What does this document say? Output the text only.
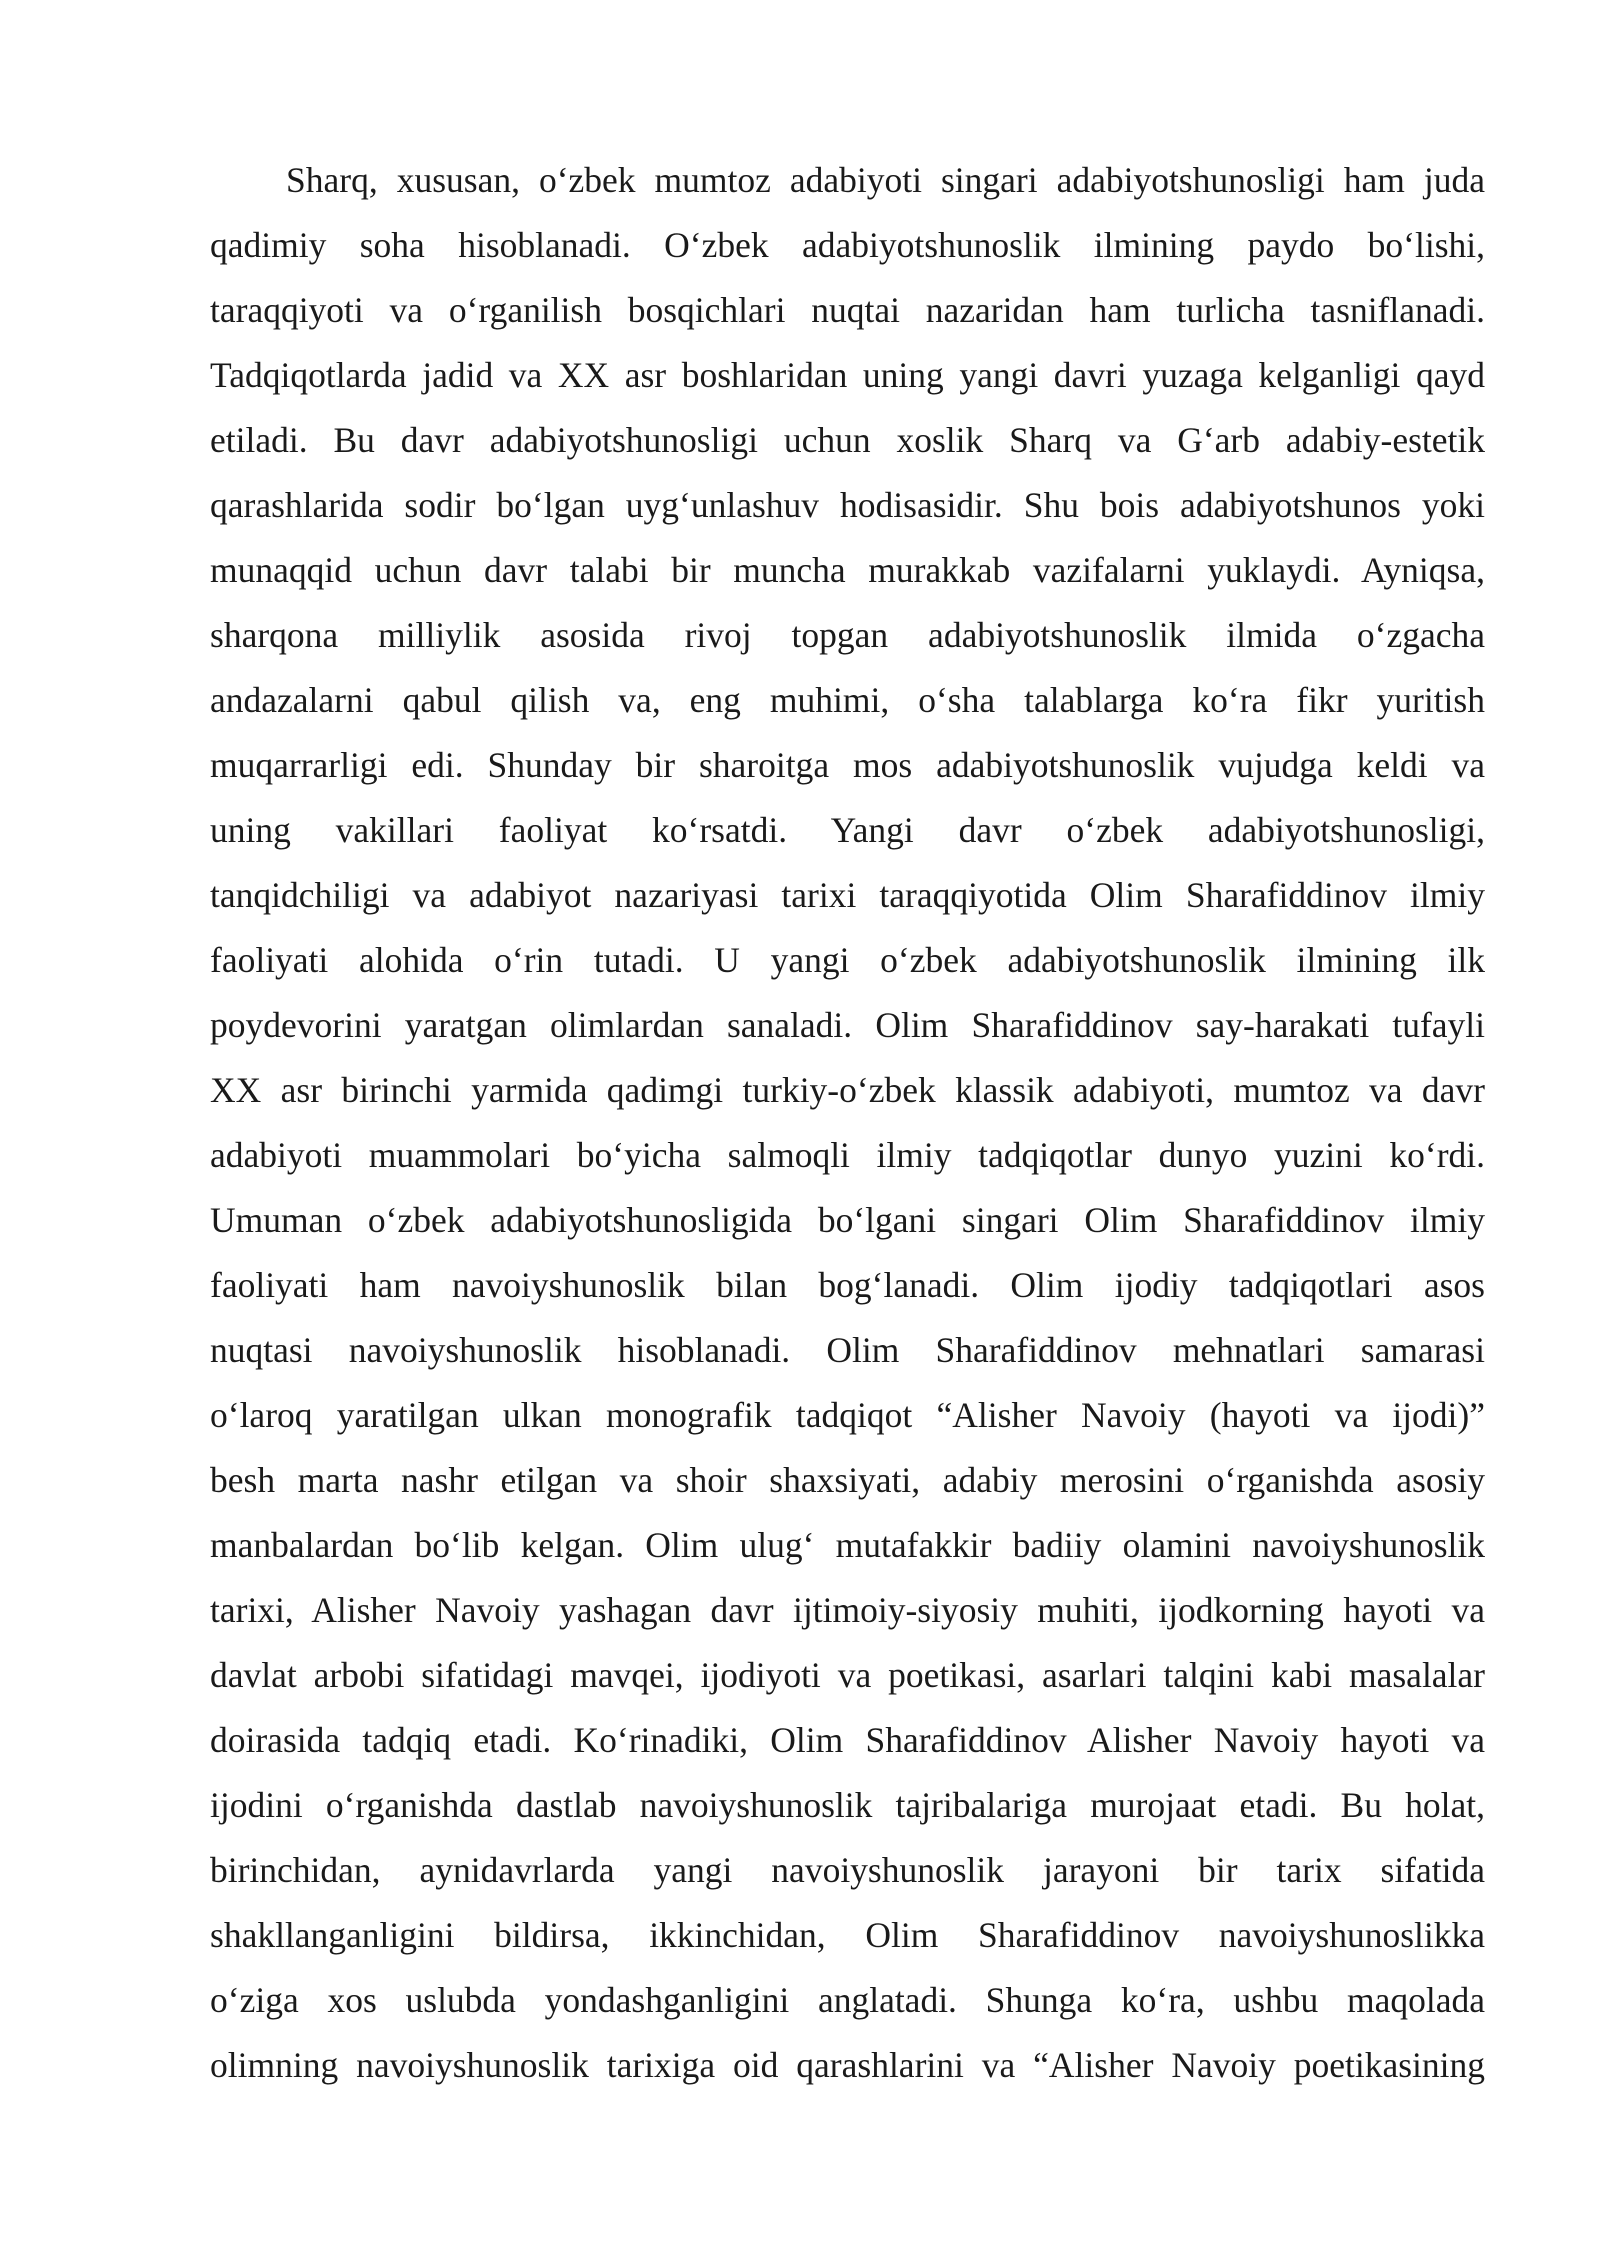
Sharq, xususan, o‘zbek mumtoz adabiyoti singari adabiyotshunosligi ham juda
qadimiy soha hisoblanadi. O‘zbek adabiyotshunoslik ilmining paydo bo‘lishi,
taraqqiyoti va o‘rganilish bosqichlari nuqtai nazaridan ham turlicha tasniflanadi.
Tadqiqotlarda jadid va XX asr boshlaridan uning yangi davri yuzaga kelganligi qayd
etiladi. Bu davr adabiyotshunosligi uchun xoslik Sharq va G‘arb adabiy-estetik
qarashlarida sodir bo‘lgan uyg‘unlashuv hodisasidir. Shu bois adabiyotshunos yoki
munaqqid uchun davr talabi bir muncha murakkab vazifalarni yuklaydi. Ayniqsa,
sharqona milliylik asosida rivoj topgan adabiyotshunoslik ilmida o‘zgacha
andazalarni qabul qilish va, eng muhimi, o‘sha talablarga ko‘ra fikr yuritish
muqarrarligi edi. Shunday bir sharoitga mos adabiyotshunoslik vujudga keldi va
uning vakillari faoliyat ko‘rsatdi. Yangi davr o‘zbek adabiyotshunosligi,
tanqidchiligi va adabiyot nazariyasi tarixi taraqqiyotida Olim Sharafiddinov ilmiy
faoliyati alohida o‘rin tutadi. U yangi o‘zbek adabiyotshunoslik ilmining ilk
poydevorini yaratgan olimlardan sanaladi. Olim Sharafiddinov say-harakati tufayli
XX asr birinchi yarmida qadimgi turkiy-o‘zbek klassik adabiyoti, mumtoz va davr
adabiyoti muammolari bo‘yicha salmoqli ilmiy tadqiqotlar dunyo yuzini ko‘rdi.
Umuman o‘zbek adabiyotshunosligida bo‘lgani singari Olim Sharafiddinov ilmiy
faoliyati ham navoiyshunoslik bilan bog‘lanadi. Olim ijodiy tadqiqotlari asos
nuqtasi navoiyshunoslik hisoblanadi. Olim Sharafiddinov mehnatlari samarasi
o‘laroq yaratilgan ulkan monografik tadqiqot “Alisher Navoiy (hayoti va ijodi)”
besh marta nashr etilgan va shoir shaxsiyati, adabiy merosini o‘rganishda asosiy
manbalardan bo‘lib kelgan. Olim ulug‘ mutafakkir badiiy olamini navoiyshunoslik
tarixi, Alisher Navoiy yashagan davr ijtimoiy-siyosiy muhiti, ijodkorning hayoti va
davlat arbobi sifatidagi mavqei, ijodiyoti va poetikasi, asarlari talqini kabi masalalar
doirasida tadqiq etadi. Ko‘rinadiki, Olim Sharafiddinov Alisher Navoiy hayoti va
ijodini o‘rganishda dastlab navoiyshunoslik tajribalariga murojaat etadi. Bu holat,
birinchidan, aynidavrlarda yangi navoiyshunoslik jarayoni bir tarix sifatida
shakllanganligini bildirsa, ikkinchidan, Olim Sharafiddinov navoiyshunoslikka
o‘ziga xos uslubda yondashganligini anglatadi. Shunga ko‘ra, ushbu maqolada
olimning navoiyshunoslik tarixiga oid qarashlarini va “Alisher Navoiy poetikasining
